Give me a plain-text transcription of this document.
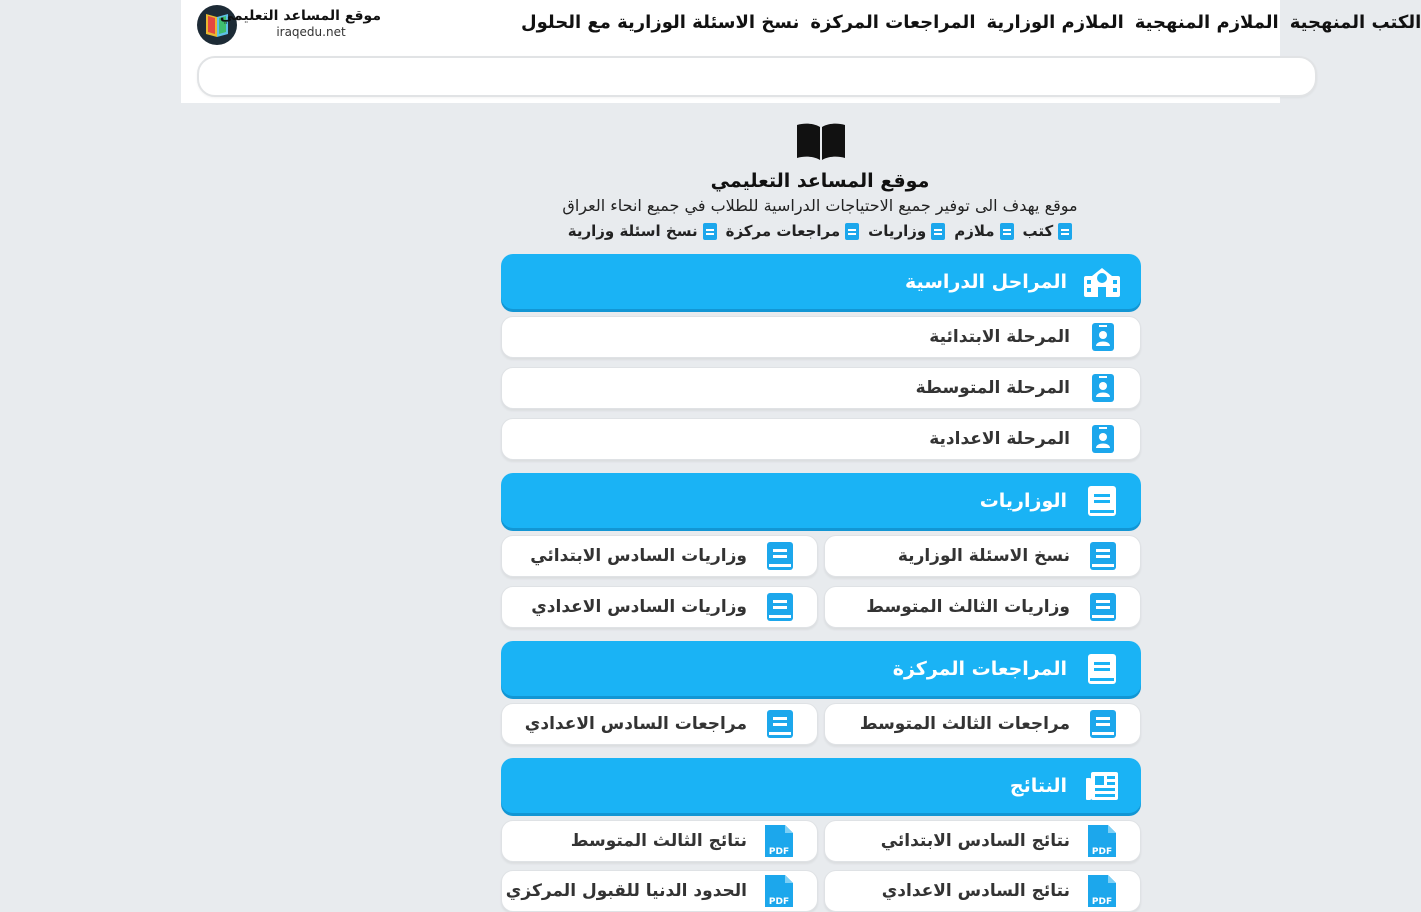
موقع المساعد التعليمي
iraqedu.net	الكتب المنهجية
الملازم المنهجية
الملازم الوزارية
المراجعات المركزة
نسخ الاسئلة الوزارية مع الحلول
موقع المساعد التعليمي
موقع يهدف الى توفير جميع الاحتياجات الدراسية للطلاب في جميع انحاء العراق
كتب
ملازم
وزاريات
مراجعات مركزة
نسخ اسئلة وزارية
المراحل الدراسية
المرحلة الابتدائية
المرحلة المتوسطة
المرحلة الاعدادية
الوزاريات
نسخ الاسئلة الوزارية
وزاريات السادس الابتدائي
وزاريات الثالث المتوسط
وزاريات السادس الاعدادي
المراجعات المركزة
مراجعات الثالث المتوسط
مراجعات السادس الاعدادي
النتائج
PDF
نتائج السادس الابتدائي
PDF
نتائج الثالث المتوسط
PDF
نتائج السادس الاعدادي
PDF
الحدود الدنيا للقبول المركزي
